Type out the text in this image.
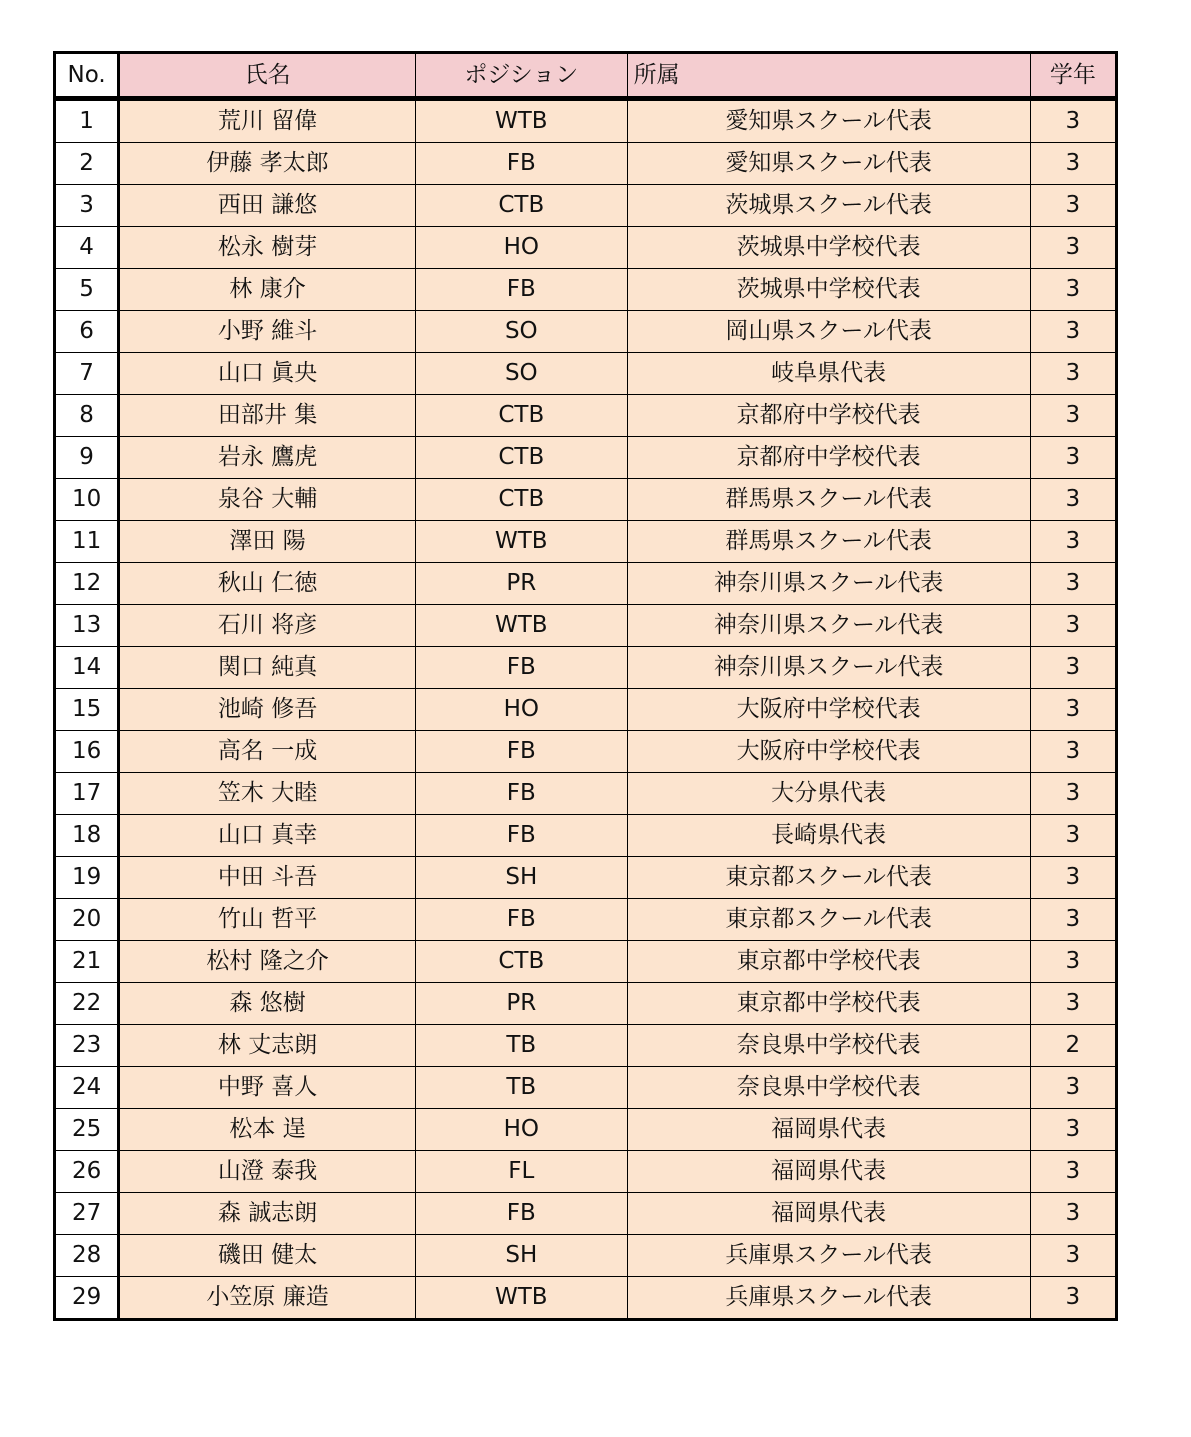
No.	氏名	ポジション	所属	学年
1	荒川 留偉	WTB	愛知県スクール代表	3
2	伊藤 孝太郎	FB	愛知県スクール代表	3
3	西田 謙悠	CTB	茨城県スクール代表	3
4	松永 樹芽	HO	茨城県中学校代表	3
5	林 康介	FB	茨城県中学校代表	3
6	小野 維斗	SO	岡山県スクール代表	3
7	山口 眞央	SO	岐阜県代表	3
8	田部井 集	CTB	京都府中学校代表	3
9	岩永 鷹虎	CTB	京都府中学校代表	3
10	泉谷 大輔	CTB	群馬県スクール代表	3
11	澤田 陽	WTB	群馬県スクール代表	3
12	秋山 仁徳	PR	神奈川県スクール代表	3
13	石川 将彦	WTB	神奈川県スクール代表	3
14	関口 純真	FB	神奈川県スクール代表	3
15	池崎 修吾	HO	大阪府中学校代表	3
16	高名 一成	FB	大阪府中学校代表	3
17	笠木 大睦	FB	大分県代表	3
18	山口 真幸	FB	長崎県代表	3
19	中田 斗吾	SH	東京都スクール代表	3
20	竹山 哲平	FB	東京都スクール代表	3
21	松村 隆之介	CTB	東京都中学校代表	3
22	森 悠樹	PR	東京都中学校代表	3
23	林 丈志朗	TB	奈良県中学校代表	2
24	中野 喜人	TB	奈良県中学校代表	3
25	松本 逞	HO	福岡県代表	3
26	山澄 泰我	FL	福岡県代表	3
27	森 誠志朗	FB	福岡県代表	3
28	磯田 健太	SH	兵庫県スクール代表	3
29	小笠原 廉造	WTB	兵庫県スクール代表	3
